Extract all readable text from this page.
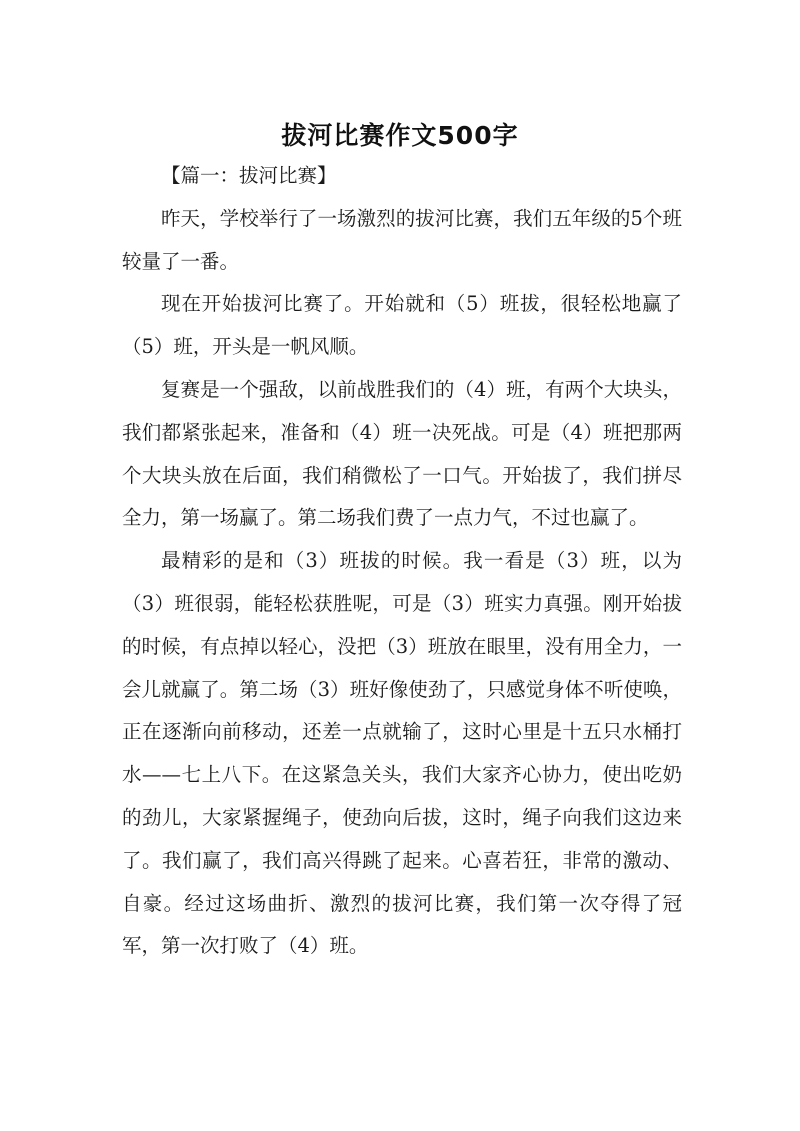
拔河比赛作文500字

【篇一：拔河比赛】

昨天，学校举行了一场激烈的拔河比赛，我们五年级的5个班较量了一番。

现在开始拔河比赛了。开始就和（5）班拔，很轻松地赢了（5）班，开头是一帆风顺。

复赛是一个强敌，以前战胜我们的（4）班，有两个大块头，我们都紧张起来，准备和（4）班一决死战。可是（4）班把那两个大块头放在后面，我们稍微松了一口气。开始拔了，我们拼尽全力，第一场赢了。第二场我们费了一点力气，不过也赢了。

最精彩的是和（3）班拔的时候。我一看是（3）班，以为（3）班很弱，能轻松获胜呢，可是（3）班实力真强。刚开始拔的时候，有点掉以轻心，没把（3）班放在眼里，没有用全力，一会儿就赢了。第二场（3）班好像使劲了，只感觉身体不听使唤，正在逐渐向前移动，还差一点就输了，这时心里是十五只水桶打水——七上八下。在这紧急关头，我们大家齐心协力，使出吃奶的劲儿，大家紧握绳子，使劲向后拔，这时，绳子向我们这边来了。我们赢了，我们高兴得跳了起来。心喜若狂，非常的激动、自豪。经过这场曲折、激烈的拔河比赛，我们第一次夺得了冠军，第一次打败了（4）班。
